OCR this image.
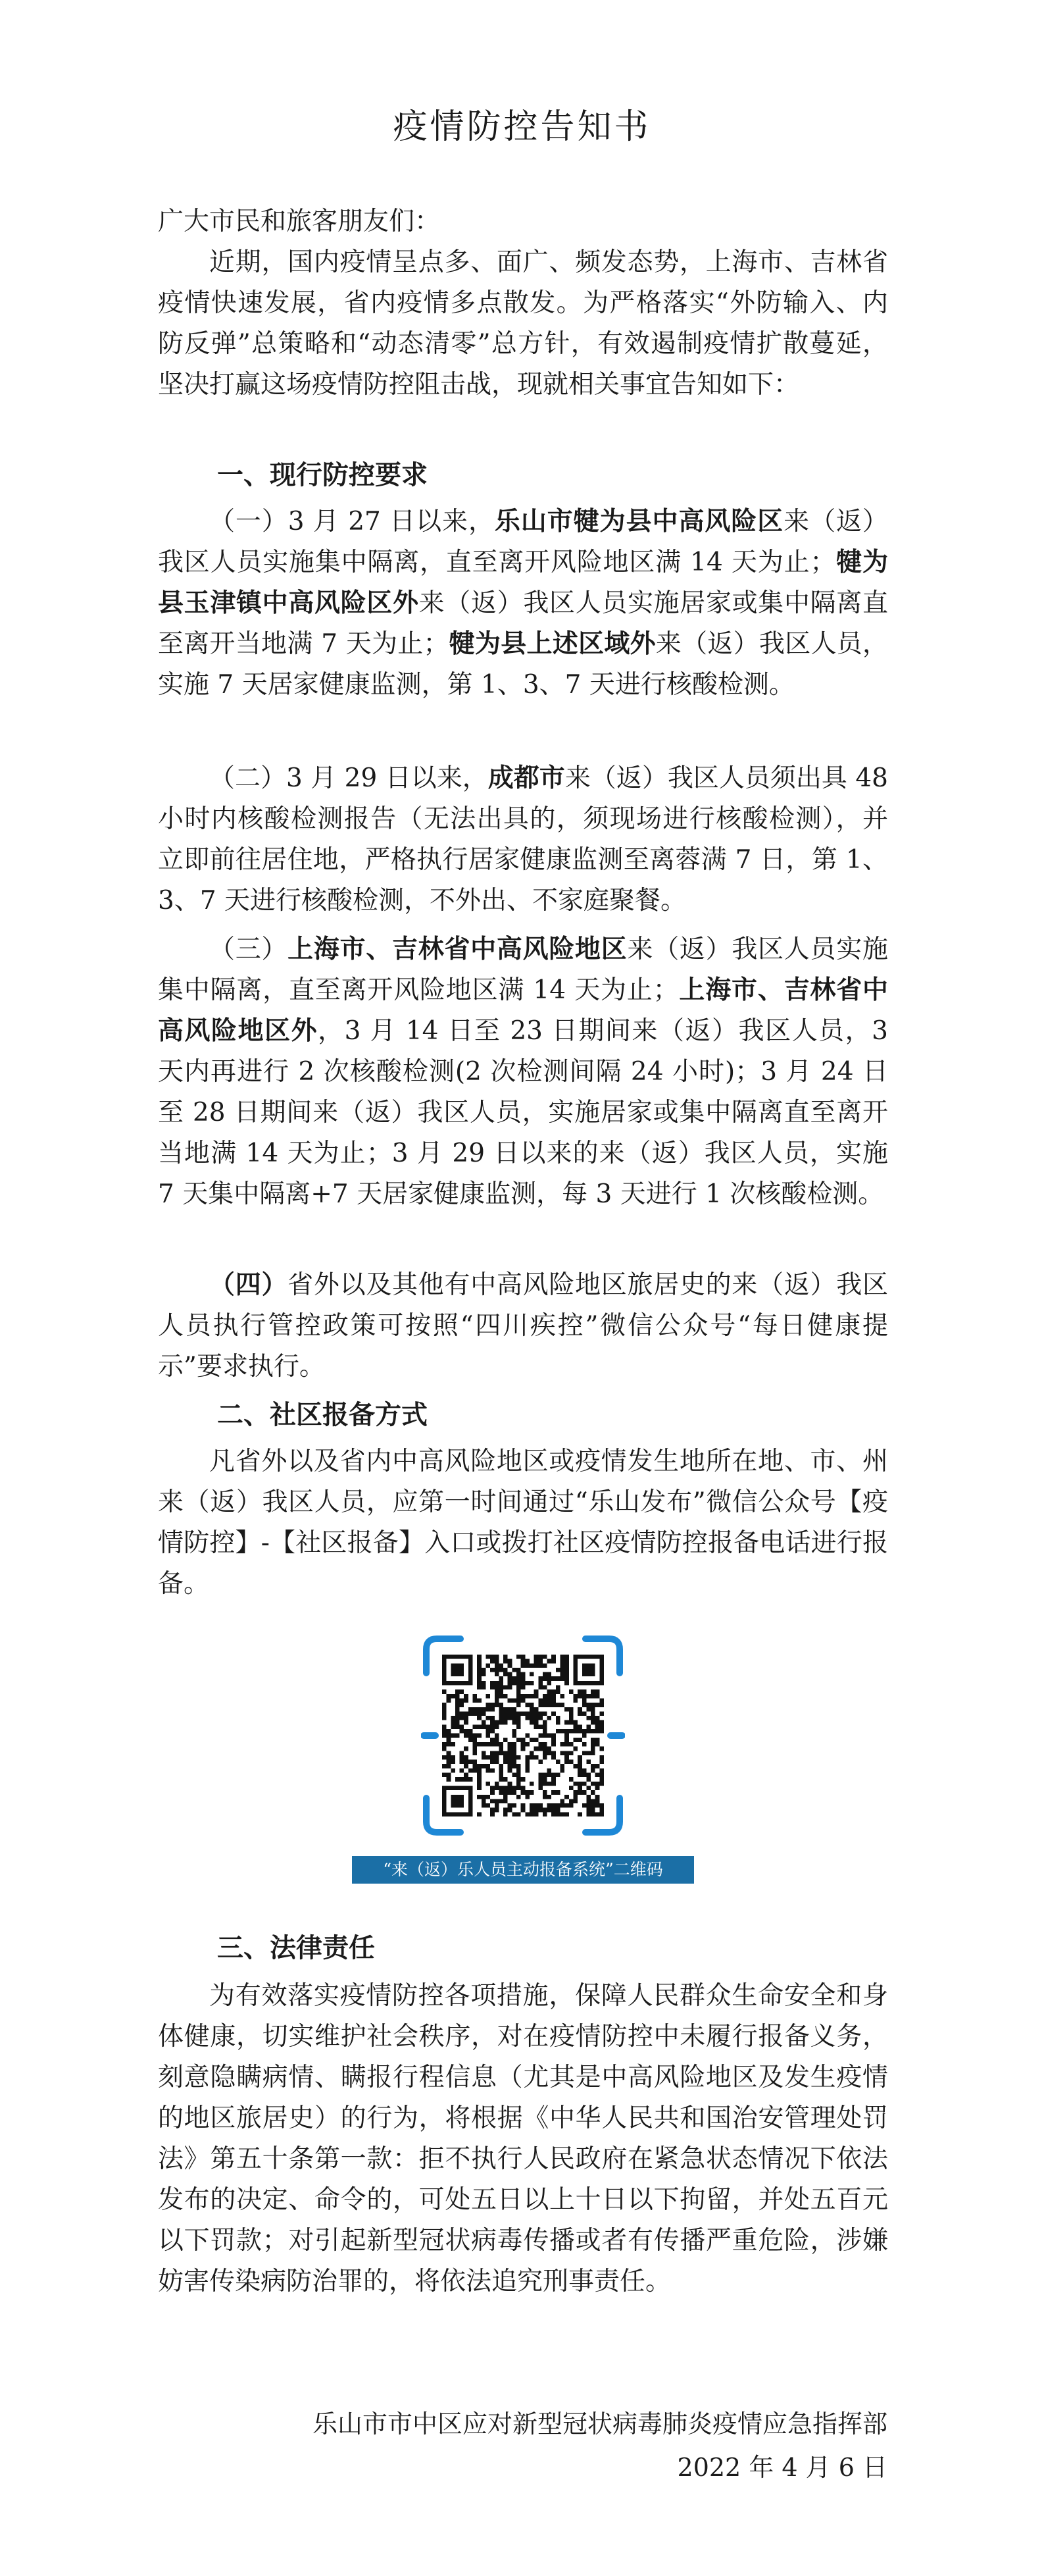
疫情防控告知书

广大市民和旅客朋友们：

近期，国内疫情呈点多、面广、频发态势，上海市、吉林省疫情快速发展，省内疫情多点散发。为严格落实“外防输入、内防反弹”总策略和“动态清零”总方针，有效遏制疫情扩散蔓延，坚决打赢这场疫情防控阻击战，现就相关事宜告知如下：

一、现行防控要求

（一）3 月 27 日以来，乐山市犍为县中高风险区来（返）我区人员实施集中隔离，直至离开风险地区满 14 天为止；犍为县玉津镇中高风险区外来（返）我区人员实施居家或集中隔离直至离开当地满 7 天为止；犍为县上述区域外来（返）我区人员，实施 7 天居家健康监测，第 1、3、7 天进行核酸检测。

（二）3 月 29 日以来，成都市来（返）我区人员须出具 48 小时内核酸检测报告（无法出具的，须现场进行核酸检测），并立即前往居住地，严格执行居家健康监测至离蓉满 7 日，第 1、3、7 天进行核酸检测，不外出、不家庭聚餐。

（三）上海市、吉林省中高风险地区来（返）我区人员实施集中隔离，直至离开风险地区满 14 天为止；上海市、吉林省中高风险地区外，3 月 14 日至 23 日期间来（返）我区人员，3 天内再进行 2 次核酸检测(2 次检测间隔 24 小时)；3 月 24 日至 28 日期间来（返）我区人员，实施居家或集中隔离直至离开当地满 14 天为止；3 月 29 日以来的来（返）我区人员，实施 7 天集中隔离+7 天居家健康监测，每 3 天进行 1 次核酸检测。

（四）省外以及其他有中高风险地区旅居史的来（返）我区人员执行管控政策可按照“四川疾控”微信公众号“每日健康提示”要求执行。

二、社区报备方式

凡省外以及省内中高风险地区或疫情发生地所在地、市、州来（返）我区人员，应第一时间通过“乐山发布”微信公众号【疫情防控】-【社区报备】入口或拨打社区疫情防控报备电话进行报备。

“来（返）乐人员主动报备系统”二维码

三、法律责任

为有效落实疫情防控各项措施，保障人民群众生命安全和身体健康，切实维护社会秩序，对在疫情防控中未履行报备义务，刻意隐瞒病情、瞒报行程信息（尤其是中高风险地区及发生疫情的地区旅居史）的行为，将根据《中华人民共和国治安管理处罚法》第五十条第一款：拒不执行人民政府在紧急状态情况下依法发布的决定、命令的，可处五日以上十日以下拘留，并处五百元以下罚款；对引起新型冠状病毒传播或者有传播严重危险，涉嫌妨害传染病防治罪的，将依法追究刑事责任。

乐山市市中区应对新型冠状病毒肺炎疫情应急指挥部

2022 年 4 月 6 日
